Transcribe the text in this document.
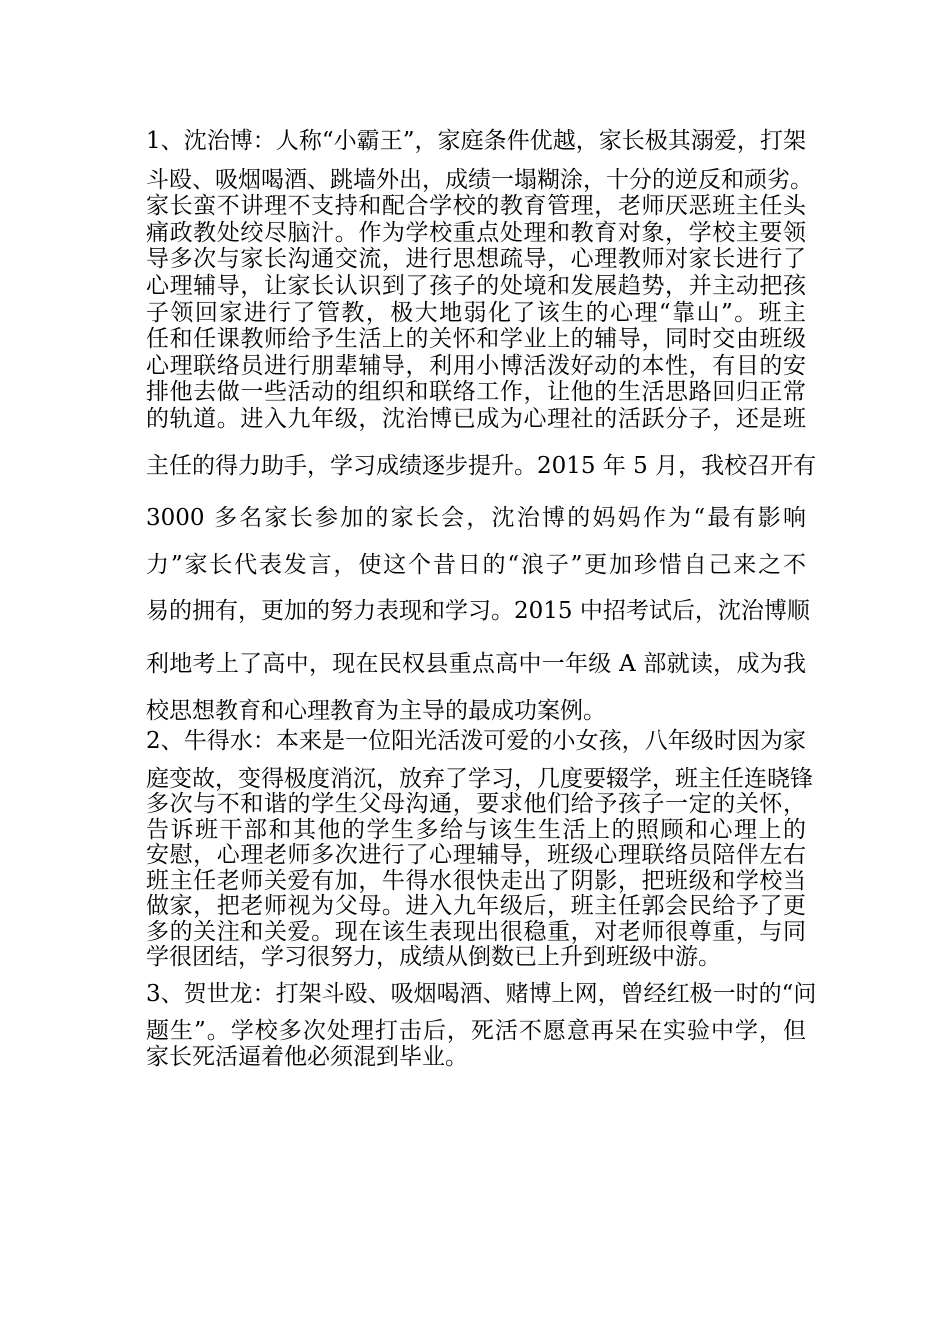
1、沈治博：人称“小霸王”，家庭条件优越，家长极其溺爱，打架
斗殴、吸烟喝酒、跳墙外出，成绩一塌糊涂，十分的逆反和顽劣。
家长蛮不讲理不支持和配合学校的教育管理，老师厌恶班主任头
痛政教处绞尽脑汁。作为学校重点处理和教育对象，学校主要领
导多次与家长沟通交流，进行思想疏导，心理教师对家长进行了
心理辅导，让家长认识到了孩子的处境和发展趋势，并主动把孩
子领回家进行了管教，极大地弱化了该生的心理“靠山”。班主
任和任课教师给予生活上的关怀和学业上的辅导，同时交由班级
心理联络员进行朋辈辅导，利用小博活泼好动的本性，有目的安
排他去做一些活动的组织和联络工作，让他的生活思路回归正常
的轨道。进入九年级，沈治博已成为心理社的活跃分子，还是班
主任的得力助手，学习成绩逐步提升。2015 年 5 月，我校召开有
3000 多名家长参加的家长会，沈治博的妈妈作为“最有影响
力”家长代表发言，使这个昔日的“浪子”更加珍惜自己来之不
易的拥有，更加的努力表现和学习。2015 中招考试后，沈治博顺
利地考上了高中，现在民权县重点高中一年级 A 部就读，成为我
校思想教育和心理教育为主导的最成功案例。
2、牛得水：本来是一位阳光活泼可爱的小女孩，八年级时因为家
庭变故，变得极度消沉，放弃了学习，几度要辍学，班主任连晓锋
多次与不和谐的学生父母沟通，要求他们给予孩子一定的关怀，
告诉班干部和其他的学生多给与该生生活上的照顾和心理上的
安慰，心理老师多次进行了心理辅导，班级心理联络员陪伴左右
班主任老师关爱有加，牛得水很快走出了阴影，把班级和学校当
做家，把老师视为父母。进入九年级后，班主任郭会民给予了更
多的关注和关爱。现在该生表现出很稳重，对老师很尊重，与同
学很团结，学习很努力，成绩从倒数已上升到班级中游。
3、贺世龙：打架斗殴、吸烟喝酒、赌博上网，曾经红极一时的“问
题生”。学校多次处理打击后，死活不愿意再呆在实验中学，但
家长死活逼着他必须混到毕业。
